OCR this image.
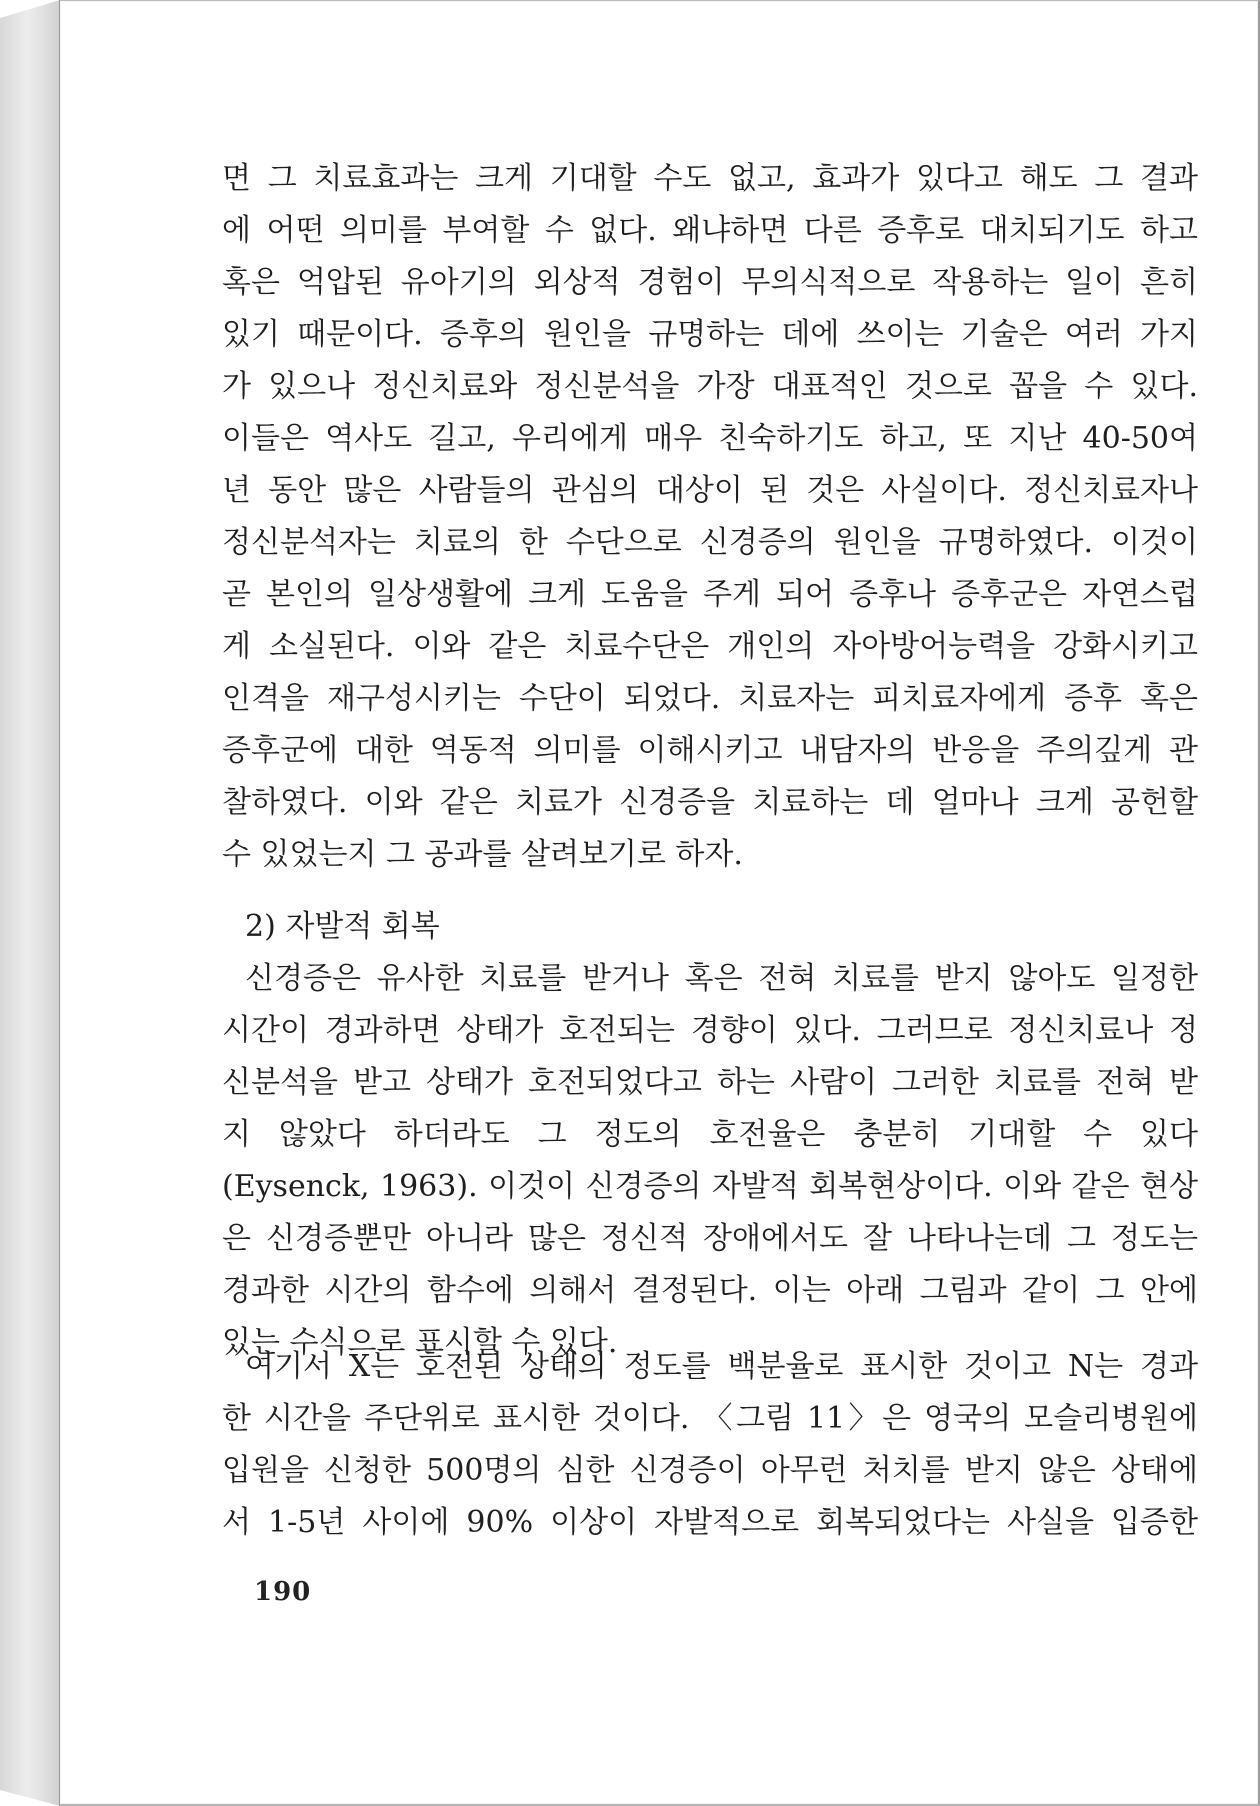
면 그 치료효과는 크게 기대할 수도 없고, 효과가 있다고 해도 그 결과
에 어떤 의미를 부여할 수 없다. 왜냐하면 다른 증후로 대치되기도 하고
혹은 억압된 유아기의 외상적 경험이 무의식적으로 작용하는 일이 흔히
있기 때문이다. 증후의 원인을 규명하는 데에 쓰이는 기술은 여러 가지
가 있으나 정신치료와 정신분석을 가장 대표적인 것으로 꼽을 수 있다.
이들은 역사도 길고, 우리에게 매우 친숙하기도 하고, 또 지난 40-50여
년 동안 많은 사람들의 관심의 대상이 된 것은 사실이다. 정신치료자나
정신분석자는 치료의 한 수단으로 신경증의 원인을 규명하였다. 이것이
곧 본인의 일상생활에 크게 도움을 주게 되어 증후나 증후군은 자연스럽
게 소실된다. 이와 같은 치료수단은 개인의 자아방어능력을 강화시키고
인격을 재구성시키는 수단이 되었다. 치료자는 피치료자에게 증후 혹은
증후군에 대한 역동적 의미를 이해시키고 내담자의 반응을 주의깊게 관
찰하였다. 이와 같은 치료가 신경증을 치료하는 데 얼마나 크게 공헌할
수 있었는지 그 공과를 살려보기로 하자.
2) 자발적 회복
신경증은 유사한 치료를 받거나 혹은 전혀 치료를 받지 않아도 일정한
시간이 경과하면 상태가 호전되는 경향이 있다. 그러므로 정신치료나 정
신분석을 받고 상태가 호전되었다고 하는 사람이 그러한 치료를 전혀 받
지 않았다 하더라도 그 정도의 호전율은 충분히 기대할 수 있다
(Eysenck, 1963). 이것이 신경증의 자발적 회복현상이다. 이와 같은 현상
은 신경증뿐만 아니라 많은 정신적 장애에서도 잘 나타나는데 그 정도는
경과한 시간의 함수에 의해서 결정된다. 이는 아래 그림과 같이 그 안에
있는 수식으로 표시할 수 있다.
여기서 X는 호전된 상태의 정도를 백분율로 표시한 것이고 N는 경과
한 시간을 주단위로 표시한 것이다. 〈그림 11〉은 영국의 모슬리병원에
입원을 신청한 500명의 심한 신경증이 아무런 처치를 받지 않은 상태에
서 1-5년 사이에 90% 이상이 자발적으로 회복되었다는 사실을 입증한
190
